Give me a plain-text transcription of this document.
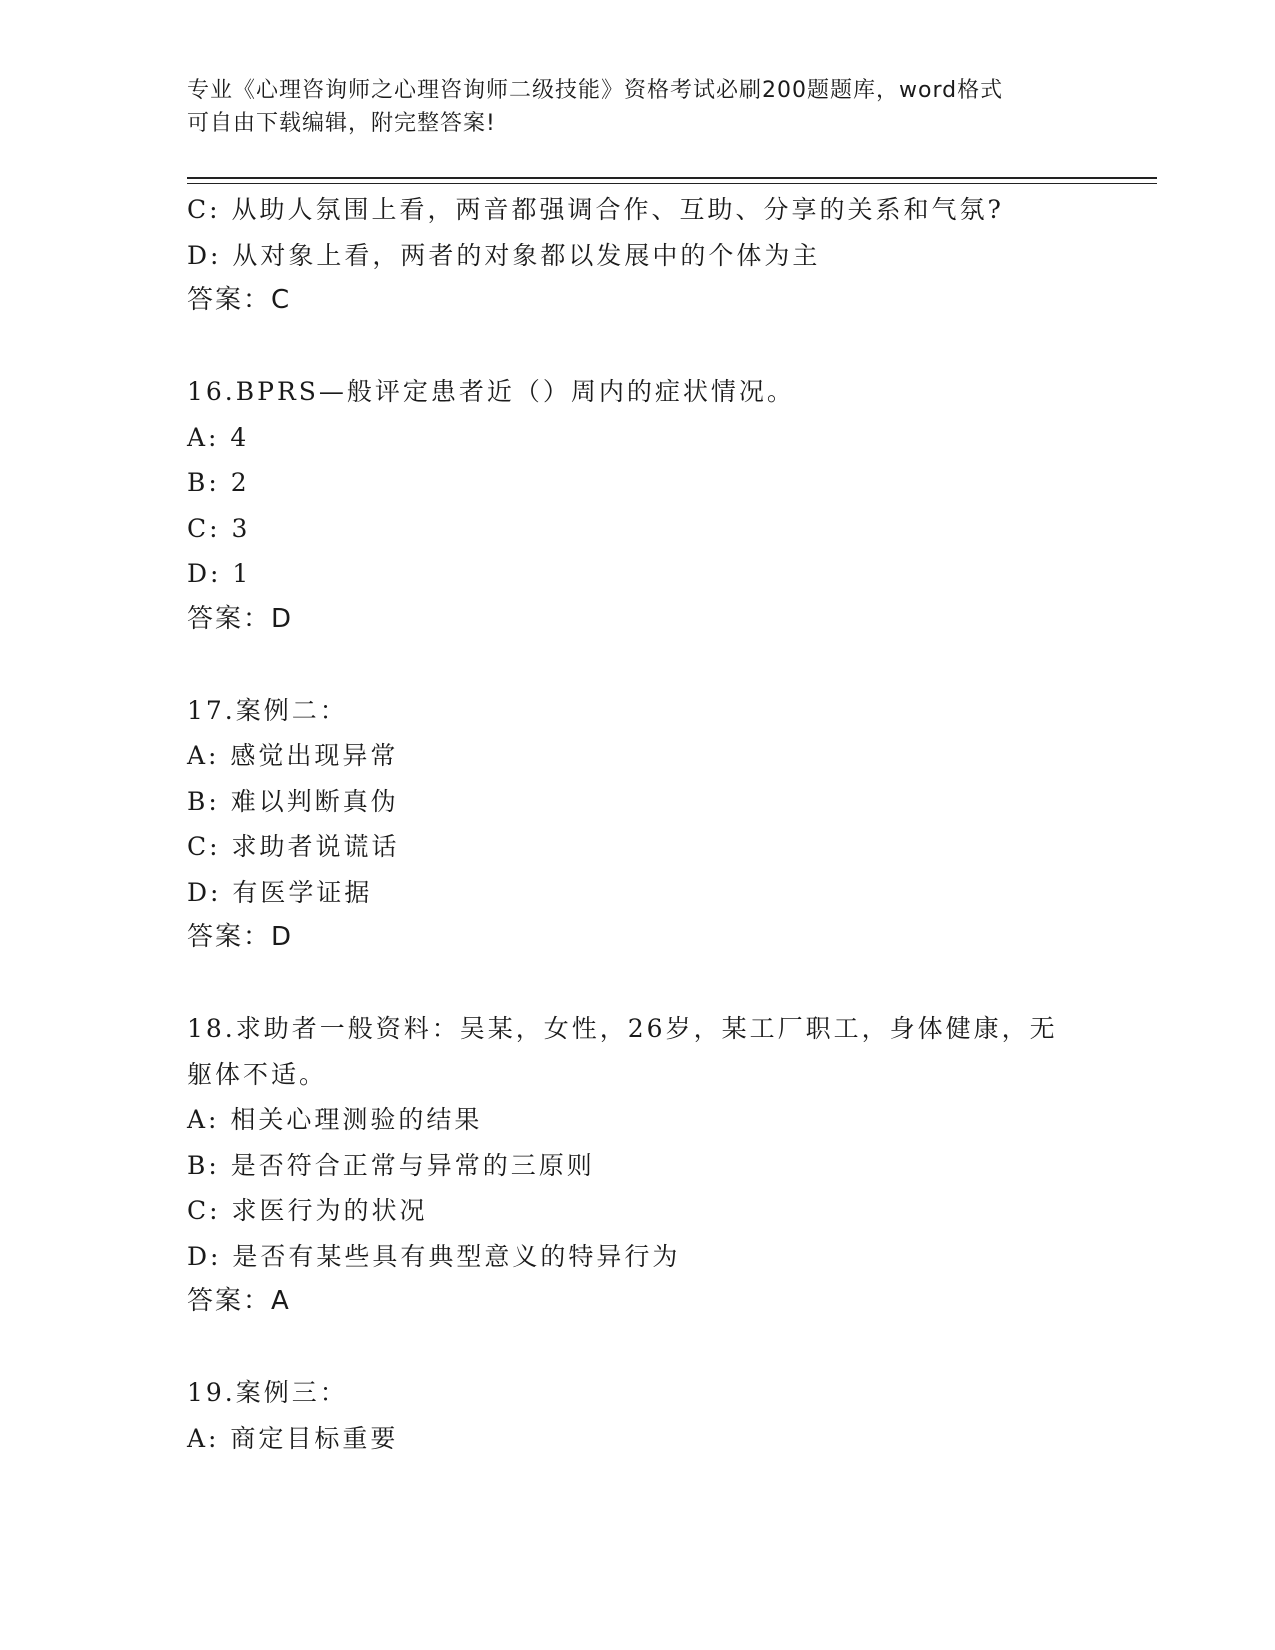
专业《心理咨询师之心理咨询师二级技能》资格考试必刷200题题库，word格式
可自由下载编辑，附完整答案!
C: 从助人氛围上看，两音都强调合作、互助、分享的关系和气氛?
D: 从对象上看，两者的对象都以发展中的个体为主
答案：C
16.BPRS—般评定患者近（）周内的症状情况。
A: 4
B: 2
C: 3
D: 1
答案：D
17.案例二：
A: 感觉出现异常
B: 难以判断真伪
C: 求助者说谎话
D: 有医学证据
答案：D
18.求助者一般资料：吴某，女性，26岁，某工厂职工，身体健康，无
躯体不适。
A: 相关心理测验的结果
B: 是否符合正常与异常的三原则
C: 求医行为的状况
D: 是否有某些具有典型意义的特异行为
答案：A
19.案例三：
A: 商定目标重要
